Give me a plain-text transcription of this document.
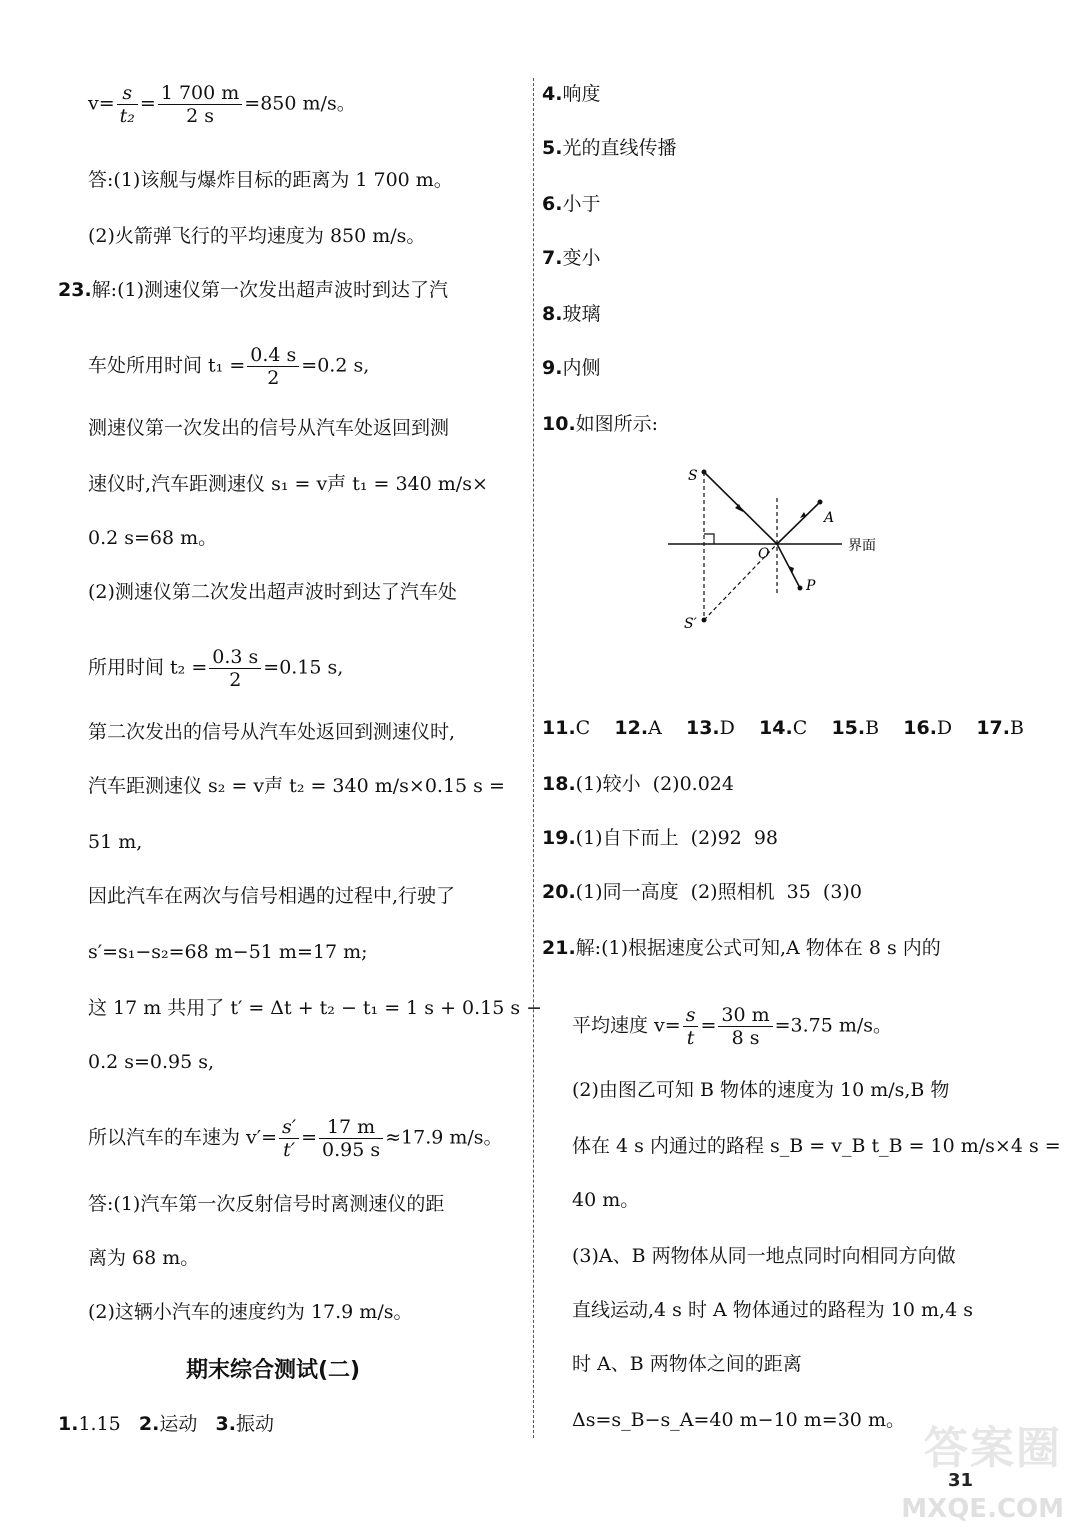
$v= \frac{s}{\text{t₂}} = \frac{1 700 m}{2 s} =850$ m/s。
答:(1)该舰与爆炸目标的距离为 1 700 m。
(2)火箭弹飞行的平均速度为 850 m/s。
23.解:(1)测速仪第一次发出超声波时到达了汽
车处所用时间 $t_1 = \frac{0.4 s}{2} =0.2$ s,
测速仪第一次发出的信号从汽车处返回到测
速仪时,汽车距测速仪 s₁ = v声 t₁ = 340 m/s×
0.2 s=68 m。
(2)测速仪第二次发出超声波时到达了汽车处
所用时间 $t_2 = \frac{0.3 s}{2} =0.15$ s,
第二次发出的信号从汽车处返回到测速仪时,
汽车距测速仪 s₂ = v声 t₂ = 340 m/s×0.15 s =
51 m,
因此汽车在两次与信号相遇的过程中,行驶了
s′=s₁−s₂=68 m−51 m=17 m;
这 17 m 共用了 t′ = Δt + t₂ − t₁ = 1 s + 0.15 s −
0.2 s=0.95 s,
所以汽车的车速为 $v'= \frac{s'}{t'} = \frac{17 m}{0.95 s} \approx 17.9$ m/s。
答:(1)汽车第一次反射信号时离测速仪的距
离为 68 m。
(2)这辆小汽车的速度约为 17.9 m/s。
期末综合测试(二)
1.1.15 2.运动 3.振动
4.响度
5.光的直线传播
6.小于
7.变小
8.玻璃
9.内侧
10.如图所示:
S
S′
A
O
P
界面
11.C 12.A 13.D 14.C 15.B 16.D 17.B
18.(1)较小  (2)0.024
19.(1)自下而上  (2)92  98
20.(1)同一高度  (2)照相机  35  (3)0
21.解:(1)根据速度公式可知,A 物体在 8 s 内的
平均速度 $v= \frac{s}{t} = \frac{30 m}{8 s} =3.75$ m/s。
(2)由图乙可知 B 物体的速度为 10 m/s,B 物
体在 4 s 内通过的路程 s_B = v_B t_B = 10 m/s×4 s =
40 m。
(3)A、B 两物体从同一地点同时向相同方向做
直线运动,4 s 时 A 物体通过的路程为 10 m,4 s
时 A、B 两物体之间的距离
Δs=s_B−s_A=40 m−10 m=30 m。
答案圈
31
MXQE.COM
